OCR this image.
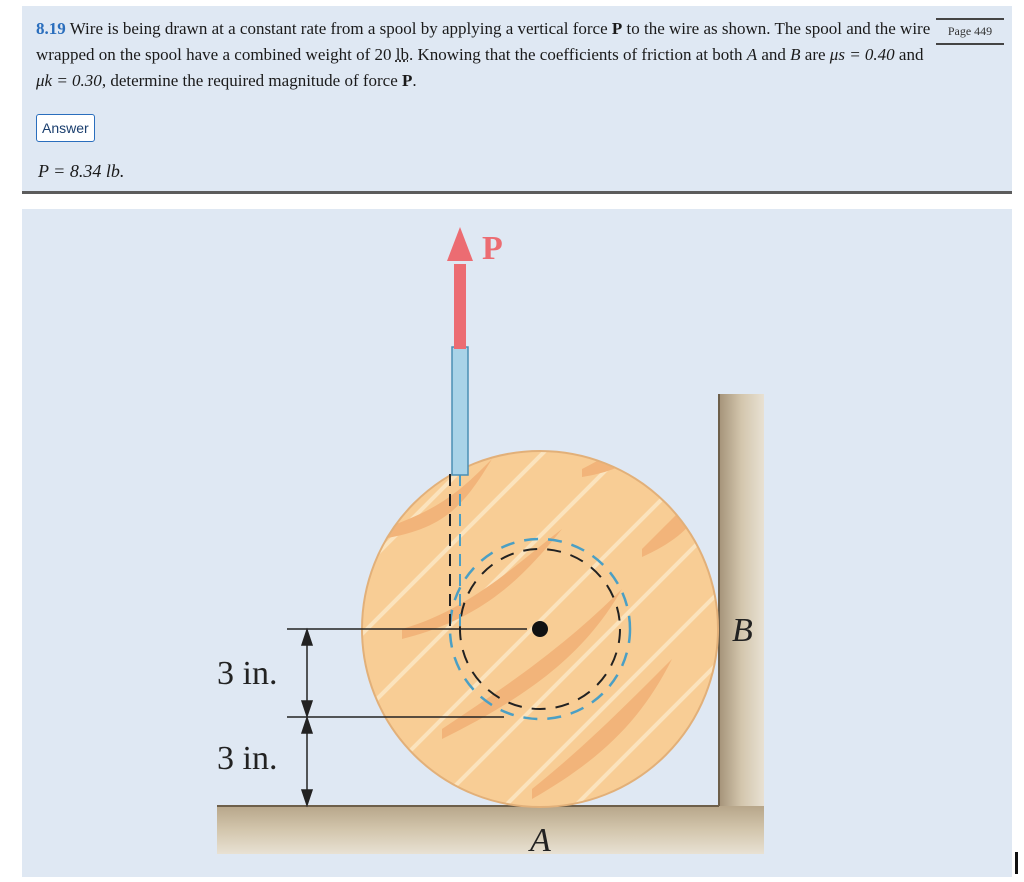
8.19 Wire is being drawn at a constant rate from a spool by applying a vertical force P to the wire as shown. The spool and the wire wrapped on the spool have a combined weight of 20 lb. Knowing that the coefficients of friction at both A and B are μs = 0.40 and μk = 0.30, determine the required magnitude of force P.

Page 449
Answer
P = 8.34 lb.
P
3 in.
3 in.
B
A
